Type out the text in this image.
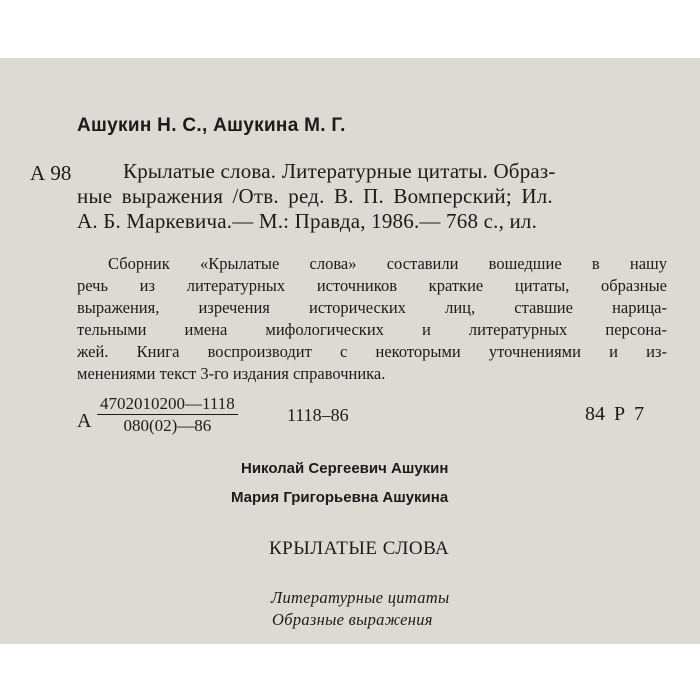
Ашукин Н. С., Ашукина М. Г.
А 98 Крылатые слова. Литературные цитаты. Образ-
ные выражения /Отв. ред. В. П. Вомперский; Ил.
А. Б. Маркевича.— М.: Правда, 1986.— 768 с., ил.
Сборник «Крылатые слова» составили вошедшие в нашу
речь из литературных источников краткие цитаты, образные
выражения, изречения исторических лиц, ставшие нарица-
тельными имена мифологических и литературных персона-
жей. Книга воспроизводит с некоторыми уточнениями и из-
менениями текст 3-го издания справочника.
А $\frac{4702010200—1118}{080(02)—86}$	1118–86	84 Р 7
Николай Сергеевич Ашукин
Мария Григорьевна Ашукина
КРЫЛАТЫЕ СЛОВА
Литературные цитаты
Образные выражения
